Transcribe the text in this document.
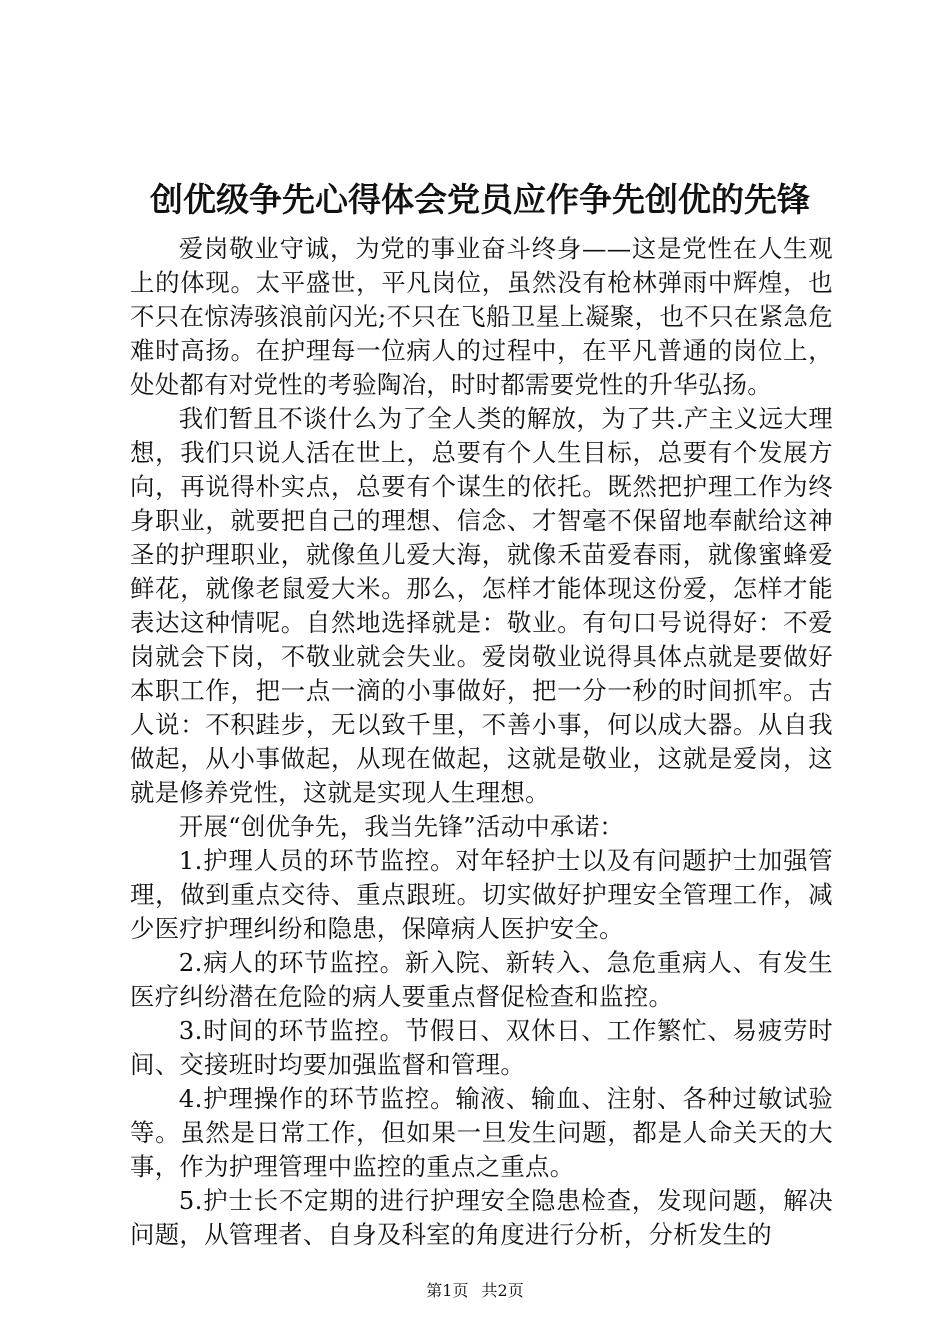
创优级争先心得体会党员应作争先创优的先锋

爱岗敬业守诚，为党的事业奋斗终身——这是党性在人生观上的体现。太平盛世，平凡岗位，虽然没有枪林弹雨中辉煌，也不只在惊涛骇浪前闪光;不只在飞船卫星上凝聚，也不只在紧急危难时高扬。在护理每一位病人的过程中，在平凡普通的岗位上，处处都有对党性的考验陶冶，时时都需要党性的升华弘扬。

我们暂且不谈什么为了全人类的解放，为了共.产主义远大理想，我们只说人活在世上，总要有个人生目标，总要有个发展方向，再说得朴实点，总要有个谋生的依托。既然把护理工作为终身职业，就要把自己的理想、信念、才智毫不保留地奉献给这神圣的护理职业，就像鱼儿爱大海，就像禾苗爱春雨，就像蜜蜂爱鲜花，就像老鼠爱大米。那么，怎样才能体现这份爱，怎样才能表达这种情呢。自然地选择就是：敬业。有句口号说得好：不爱岗就会下岗，不敬业就会失业。爱岗敬业说得具体点就是要做好本职工作，把一点一滴的小事做好，把一分一秒的时间抓牢。古人说：不积跬步，无以致千里，不善小事，何以成大器。从自我做起，从小事做起，从现在做起，这就是敬业，这就是爱岗，这就是修养党性，这就是实现人生理想。

开展“创优争先，我当先锋”活动中承诺：

1.护理人员的环节监控。对年轻护士以及有问题护士加强管理，做到重点交待、重点跟班。切实做好护理安全管理工作，减少医疗护理纠纷和隐患，保障病人医护安全。

2.病人的环节监控。新入院、新转入、急危重病人、有发生医疗纠纷潜在危险的病人要重点督促检查和监控。

3.时间的环节监控。节假日、双休日、工作繁忙、易疲劳时间、交接班时均要加强监督和管理。

4.护理操作的环节监控。输液、输血、注射、各种过敏试验等。虽然是日常工作，但如果一旦发生问题，都是人命关天的大事，作为护理管理中监控的重点之重点。

5.护士长不定期的进行护理安全隐患检查，发现问题，解决问题，从管理者、自身及科室的角度进行分析，分析发生的

第1页 共2页
